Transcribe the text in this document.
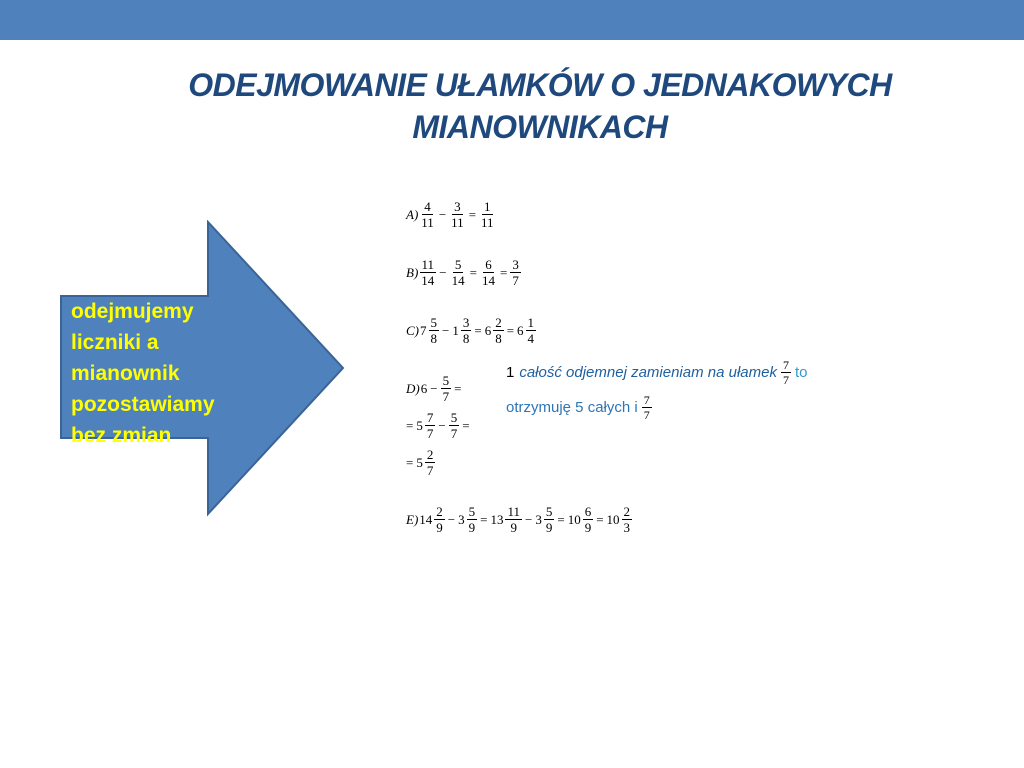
ODEJMOWANIE UŁAMKÓW O JEDNAKOWYCH
MIANOWNIKACH
odejmujemy
liczniki a
mianownik
pozostawiamy
bez zmian
$A) \frac{4}{11} - \frac{3}{11} = \frac{1}{11}$
$B) \frac{11}{14} - \frac{5}{14} = \frac{6}{14} = \frac{3}{7}$
C) $7 \frac{5}{8} - 1 \frac{3}{8} = 6 \frac{2}{8} = 6 \frac{1}{4}$
D) $6 - \frac{5}{7}$ =
= $5 \frac{7}{7} - \frac{5}{7}$ =
= $5 \frac{2}{7}$
E) $14 \frac{2}{9} - 3 \frac{5}{9} = 13 \frac{11}{9} - 3 \frac{5}{9} = 10 \frac{6}{9} = 10 \frac{2}{3}$
1 całość odjemnej zamieniam na ułamek $\frac{7}{7}$ to
otrzymuję 5 całych i $\frac{7}{7}$
